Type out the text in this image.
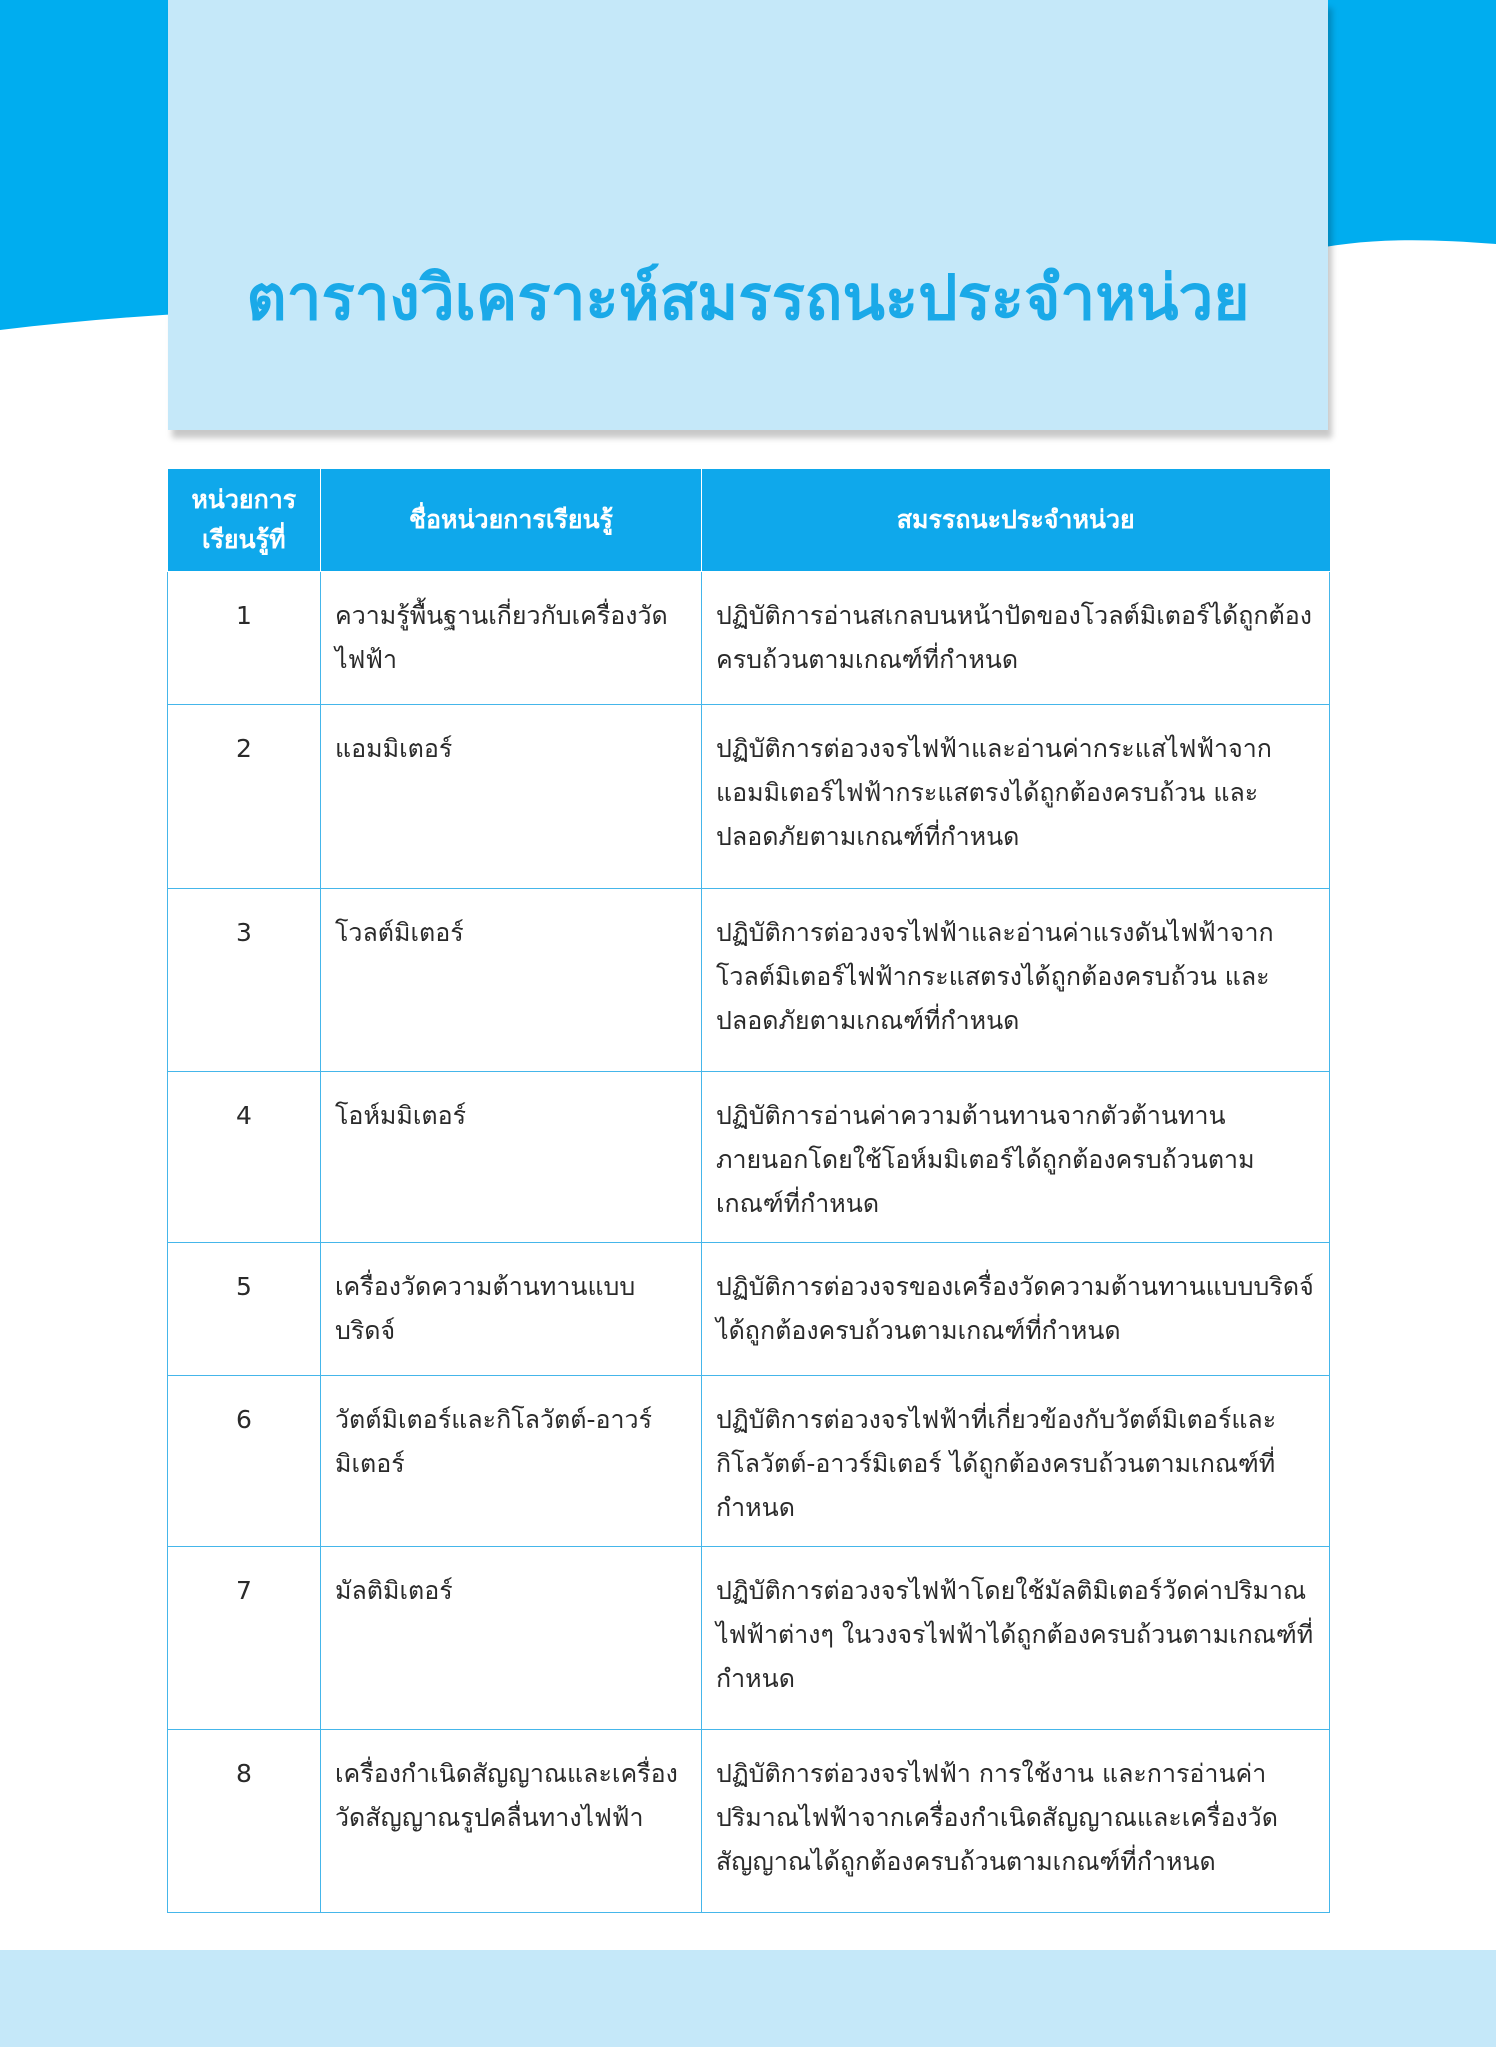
ตารางวิเคราะห์สมรรถนะประจำหน่วย
หน่วยการเรียนรู้ที่	ชื่อหน่วยการเรียนรู้	สมรรถนะประจำหน่วย
1	ความรู้พื้นฐานเกี่ยวกับเครื่องวัดไฟฟ้า	ปฏิบัติการอ่านสเกลบนหน้าปัดของโวลต์มิเตอร์ได้ถูกต้องครบถ้วนตามเกณฑ์ที่กำหนด
2	แอมมิเตอร์	ปฏิบัติการต่อวงจรไฟฟ้าและอ่านค่ากระแสไฟฟ้าจากแอมมิเตอร์ไฟฟ้ากระแสตรงได้ถูกต้องครบถ้วน และปลอดภัยตามเกณฑ์ที่กำหนด
3	โวลต์มิเตอร์	ปฏิบัติการต่อวงจรไฟฟ้าและอ่านค่าแรงดันไฟฟ้าจากโวลต์มิเตอร์ไฟฟ้ากระแสตรงได้ถูกต้องครบถ้วน และปลอดภัยตามเกณฑ์ที่กำหนด
4	โอห์มมิเตอร์	ปฏิบัติการอ่านค่าความต้านทานจากตัวต้านทานภายนอกโดยใช้โอห์มมิเตอร์ได้ถูกต้องครบถ้วนตามเกณฑ์ที่กำหนด
5	เครื่องวัดความต้านทานแบบบริดจ์	ปฏิบัติการต่อวงจรของเครื่องวัดความต้านทานแบบบริดจ์ ได้ถูกต้องครบถ้วนตามเกณฑ์ที่กำหนด
6	วัตต์มิเตอร์และกิโลวัตต์-อาวร์มิเตอร์	ปฏิบัติการต่อวงจรไฟฟ้าที่เกี่ยวข้องกับวัตต์มิเตอร์และกิโลวัตต์-อาวร์มิเตอร์ ได้ถูกต้องครบถ้วนตามเกณฑ์ที่กำหนด
7	มัลติมิเตอร์	ปฏิบัติการต่อวงจรไฟฟ้าโดยใช้มัลติมิเตอร์วัดค่าปริมาณไฟฟ้าต่างๆ ในวงจรไฟฟ้าได้ถูกต้องครบถ้วนตามเกณฑ์ที่กำหนด
8	เครื่องกำเนิดสัญญาณและเครื่องวัดสัญญาณรูปคลื่นทางไฟฟ้า	ปฏิบัติการต่อวงจรไฟฟ้า การใช้งาน และการอ่านค่าปริมาณไฟฟ้าจากเครื่องกำเนิดสัญญาณและเครื่องวัดสัญญาณได้ถูกต้องครบถ้วนตามเกณฑ์ที่กำหนด
